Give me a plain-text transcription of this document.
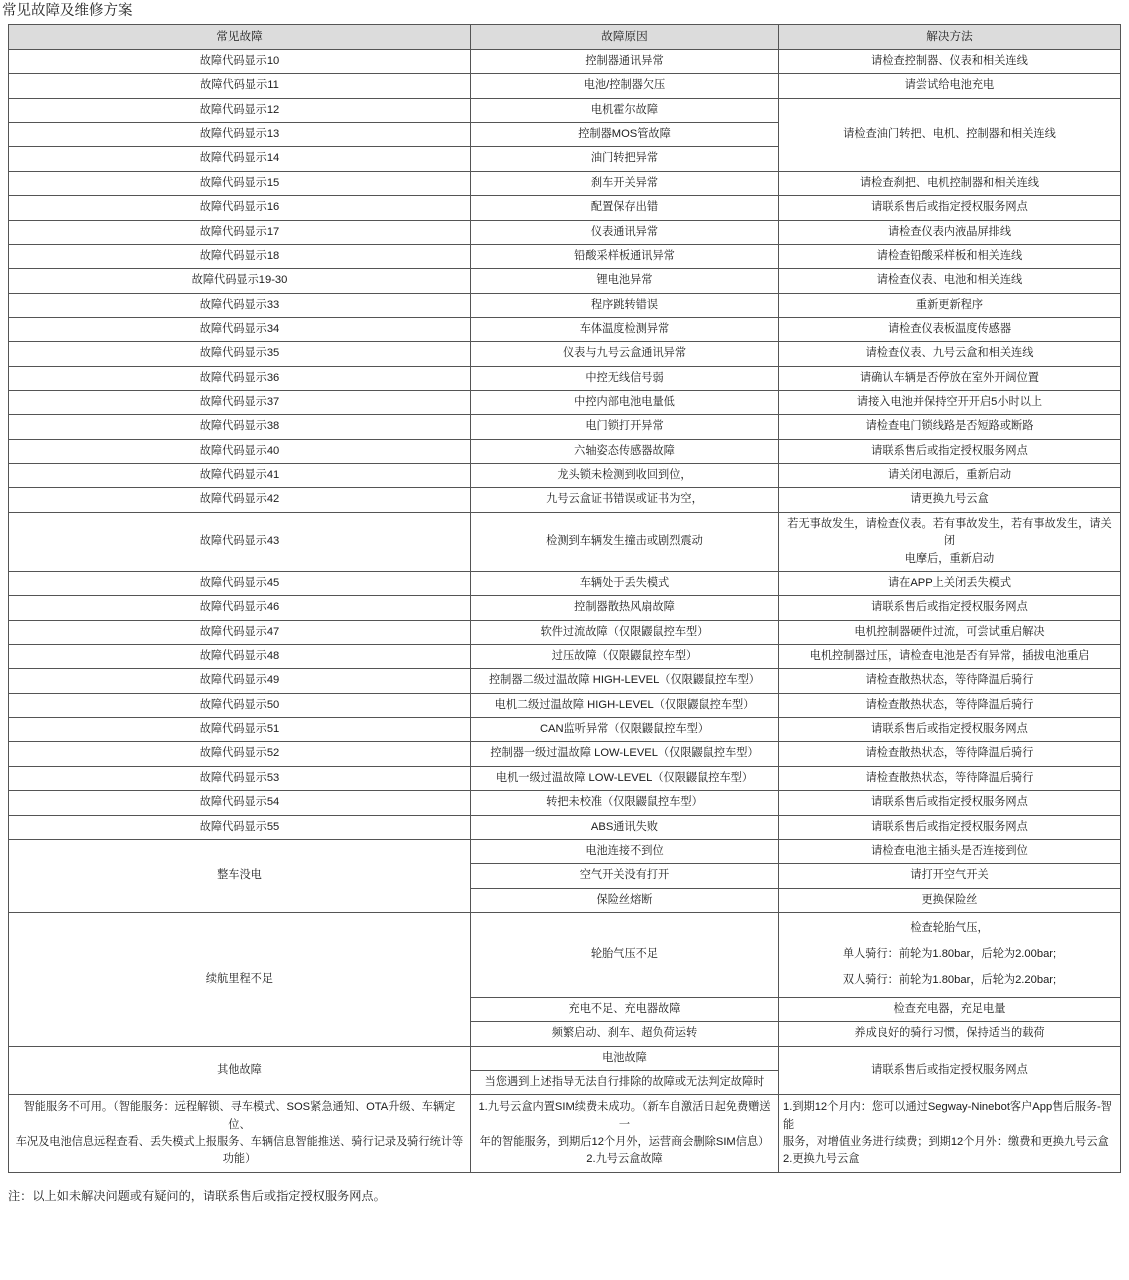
常见故障及维修方案
常见故障	故障原因	解决方法
故障代码显示10	控制器通讯异常	请检查控制器、仪表和相关连线
故障代码显示11	电池/控制器欠压	请尝试给电池充电
故障代码显示12	电机霍尔故障	请检查油门转把、电机、控制器和相关连线
故障代码显示13	控制器MOS管故障	
故障代码显示14	油门转把异常	
故障代码显示15	刹车开关异常	请检查刹把、电机控制器和相关连线
故障代码显示16	配置保存出错	请联系售后或指定授权服务网点
故障代码显示17	仪表通讯异常	请检查仪表内液晶屏排线
故障代码显示18	铅酸采样板通讯异常	请检查铅酸采样板和相关连线
故障代码显示19-30	锂电池异常	请检查仪表、电池和相关连线
故障代码显示33	程序跳转错误	重新更新程序
故障代码显示34	车体温度检测异常	请检查仪表板温度传感器
故障代码显示35	仪表与九号云盒通讯异常	请检查仪表、九号云盒和相关连线
故障代码显示36	中控无线信号弱	请确认车辆是否停放在室外开阔位置
故障代码显示37	中控内部电池电量低	请接入电池并保持空开开启5小时以上
故障代码显示38	电门锁打开异常	请检查电门锁线路是否短路或断路
故障代码显示40	六轴姿态传感器故障	请联系售后或指定授权服务网点
故障代码显示41	龙头锁未检测到收回到位，	请关闭电源后，重新启动
故障代码显示42	九号云盒证书错误或证书为空，	请更换九号云盒
故障代码显示43	检测到车辆发生撞击或剧烈震动	若无事故发生，请检查仪表。若有事故发生，若有事故发生，请关闭
电摩后，重新启动

故障代码显示45	车辆处于丢失模式	请在APP上关闭丢失模式
故障代码显示46	控制器散热风扇故障	请联系售后或指定授权服务网点
故障代码显示47	软件过流故障（仅限鼹鼠控车型）	电机控制器硬件过流，可尝试重启解决
故障代码显示48	过压故障（仅限鼹鼠控车型）	电机控制器过压，请检查电池是否有异常，插拔电池重启
故障代码显示49	控制器二级过温故障 HIGH-LEVEL（仅限鼹鼠控车型）	请检查散热状态，等待降温后骑行
故障代码显示50	电机二级过温故障 HIGH-LEVEL（仅限鼹鼠控车型）	请检查散热状态，等待降温后骑行
故障代码显示51	CAN监听异常（仅限鼹鼠控车型）	请联系售后或指定授权服务网点
故障代码显示52	控制器一级过温故障 LOW-LEVEL（仅限鼹鼠控车型）	请检查散热状态，等待降温后骑行
故障代码显示53	电机一级过温故障 LOW-LEVEL（仅限鼹鼠控车型）	请检查散热状态，等待降温后骑行
故障代码显示54	转把未校准（仅限鼹鼠控车型）	请联系售后或指定授权服务网点
故障代码显示55	ABS通讯失败	请联系售后或指定授权服务网点
整车没电	电池连接不到位	请检查电池主插头是否连接到位
	空气开关没有打开	请打开空气开关
	保险丝熔断	更换保险丝
续航里程不足	轮胎气压不足	检查轮胎气压，
单人骑行：前轮为1.80bar，后轮为2.00bar;
双人骑行：前轮为1.80bar，后轮为2.20bar;

	充电不足、充电器故障	检查充电器，充足电量
	频繁启动、刹车、超负荷运转	养成良好的骑行习惯，保持适当的载荷
其他故障	电池故障	请联系售后或指定授权服务网点
	当您遇到上述指导无法自行排除的故障或无法判定故障时	

智能服务不可用。（智能服务：远程解锁、寻车模式、SOS紧急通知、OTA升级、车辆定位、
车况及电池信息远程查看、丢失模式上报服务、车辆信息智能推送、骑行记录及骑行统计等
功能）	1.九号云盒内置SIM续费未成功。（新车自激活日起免费赠送一
年的智能服务，到期后12个月外，运营商会删除SIM信息）
2.九号云盒故障	1.到期12个月内：您可以通过Segway-Ninebot客户App售后服务-智能
服务，对增值业务进行续费；到期12个月外：缴费和更换九号云盒
2.更换九号云盒
注：以上如未解决问题或有疑问的，请联系售后或指定授权服务网点。
